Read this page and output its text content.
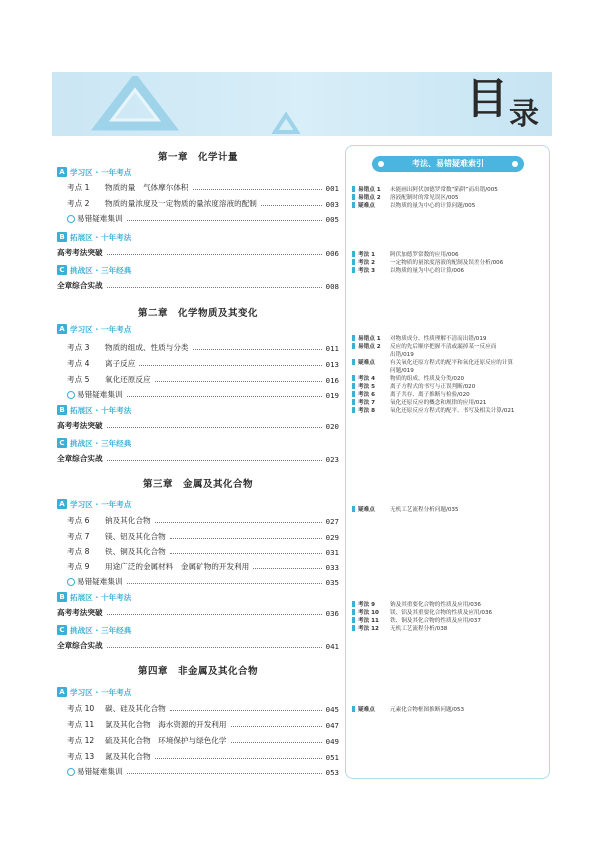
目 录
第一章　化学计量
A 学习区 · 一年考点
考点 1 物质的量　气体摩尔体积	001
考点 2 物质的量浓度及一定物质的量浓度溶液的配制	003
易错疑难集训	005
B 拓展区 · 十年考法
高考考法突破	006
C 挑战区 · 三年经典
全章综合实战	008
第二章　化学物质及其变化
A 学习区 · 一年考点
考点 3 物质的组成、性质与分类	011
考点 4 离子反应	013
考点 5 氧化还原反应	016
易错疑难集训	019
B 拓展区 · 十年考法
高考考法突破	020
C 挑战区 · 三年经典
全章综合实战	023
第三章　金属及其化合物
A 学习区 · 一年考点
考点 6 钠及其化合物	027
考点 7 镁、铝及其化合物	029
考点 8 铁、铜及其化合物	031
考点 9 用途广泛的金属材料　金属矿物的开发利用	033
易错疑难集训	035
B 拓展区 · 十年考法
高考考法突破	036
C 挑战区 · 三年经典
全章综合实战	041
第四章　非金属及其化合物
A 学习区 · 一年考点
考点 10 碳、硅及其化合物	045
考点 11 氯及其化合物　海水资源的开发利用	047
考点 12 硫及其化合物　环境保护与绿色化学	049
考点 13 氮及其化合物	051
易错疑难集训	053
考法、易错疑难索引
易错点 1 未能画出阿伏加德罗常数“陷阱”而出错/005
易错点 2 溶液配制时的常见误区/005
疑难点	以物质的量为中心的计算问题/005
考法 1	阿伏加德罗常数的应用/006
考法 2	一定物质的量浓度溶液的配制及误差分析/006
考法 3	以物质的量为中心的计算/006
易错点 1 对物质成分、性质理解不清而出错/019
易错点 2 反应的先后顺序把握不清或漏掉某一反应而
出错/019
疑难点	有关氧化还原方程式的配平和氧化还原反应的计算
问题/019
考法 4	物质的组成、性质及分类/020
考法 5	离子方程式的书写与正误判断/020
考法 6	离子共存、离子推断与检验/020
考法 7	氧化还原反应的概念和规律的应用/021
考法 8	氧化还原反应方程式的配平、书写及相关计算/021
疑难点	无机工艺流程分析问题/035
考法 9	钠及其重要化合物的性质及应用/036
考法 10 镁、铝及其重要化合物的性质及应用/036
考法 11 铁、铜及其化合物的性质及应用/037
考法 12 无机工艺流程分析/038
疑难点	元素化合物框图推断问题/053
